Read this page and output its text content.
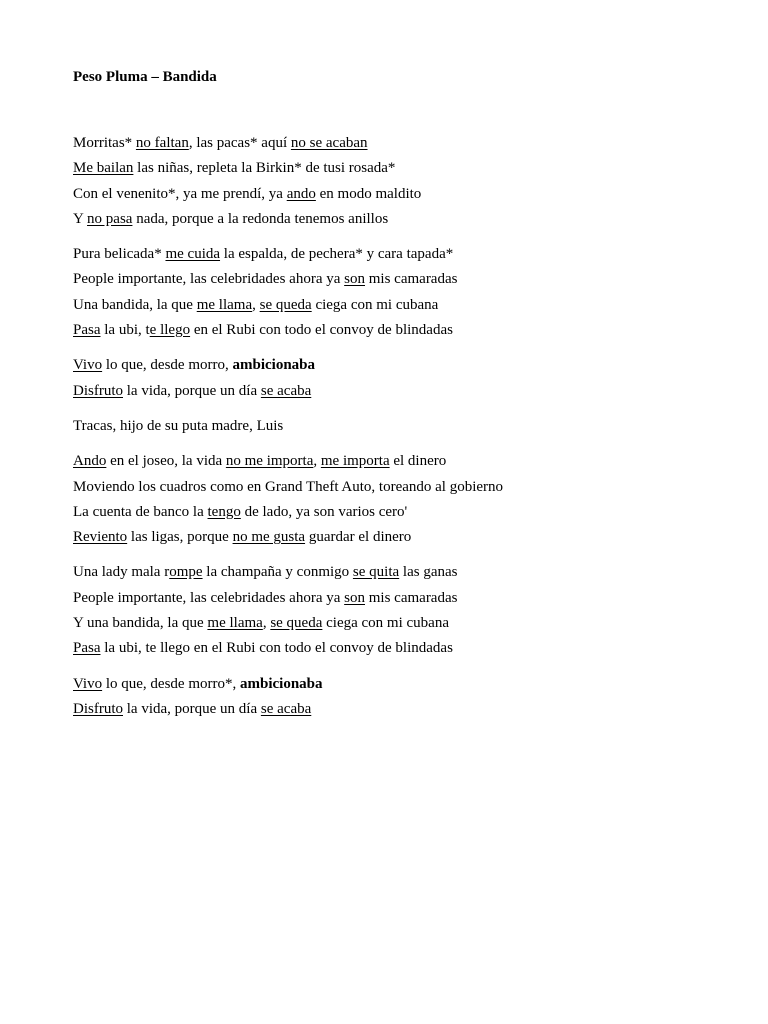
Peso Pluma – Bandida
Morritas* no faltan, las pacas* aquí no se acaban
Me bailan las niñas, repleta la Birkin* de tusi rosada*
Con el venenito*, ya me prendí, ya ando en modo maldito
Y no pasa nada, porque a la redonda tenemos anillos
Pura belicada* me cuida la espalda, de pechera* y cara tapada*
People importante, las celebridades ahora ya son mis camaradas
Una bandida, la que me llama, se queda ciega con mi cubana
Pasa la ubi, te llego en el Rubi con todo el convoy de blindadas
Vivo lo que, desde morro, ambicionaba
Disfruto la vida, porque un día se acaba
Tracas, hijo de su puta madre, Luis
Ando en el joseo, la vida no me importa, me importa el dinero
Moviendo los cuadros como en Grand Theft Auto, toreando al gobierno
La cuenta de banco la tengo de lado, ya son varios cero'
Reviento las ligas, porque no me gusta guardar el dinero
Una lady mala rompe la champaña y conmigo se quita las ganas
People importante, las celebridades ahora ya son mis camaradas
Y una bandida, la que me llama, se queda ciega con mi cubana
Pasa la ubi, te llego en el Rubi con todo el convoy de blindadas
Vivo lo que, desde morro*, ambicionaba
Disfruto la vida, porque un día se acaba
